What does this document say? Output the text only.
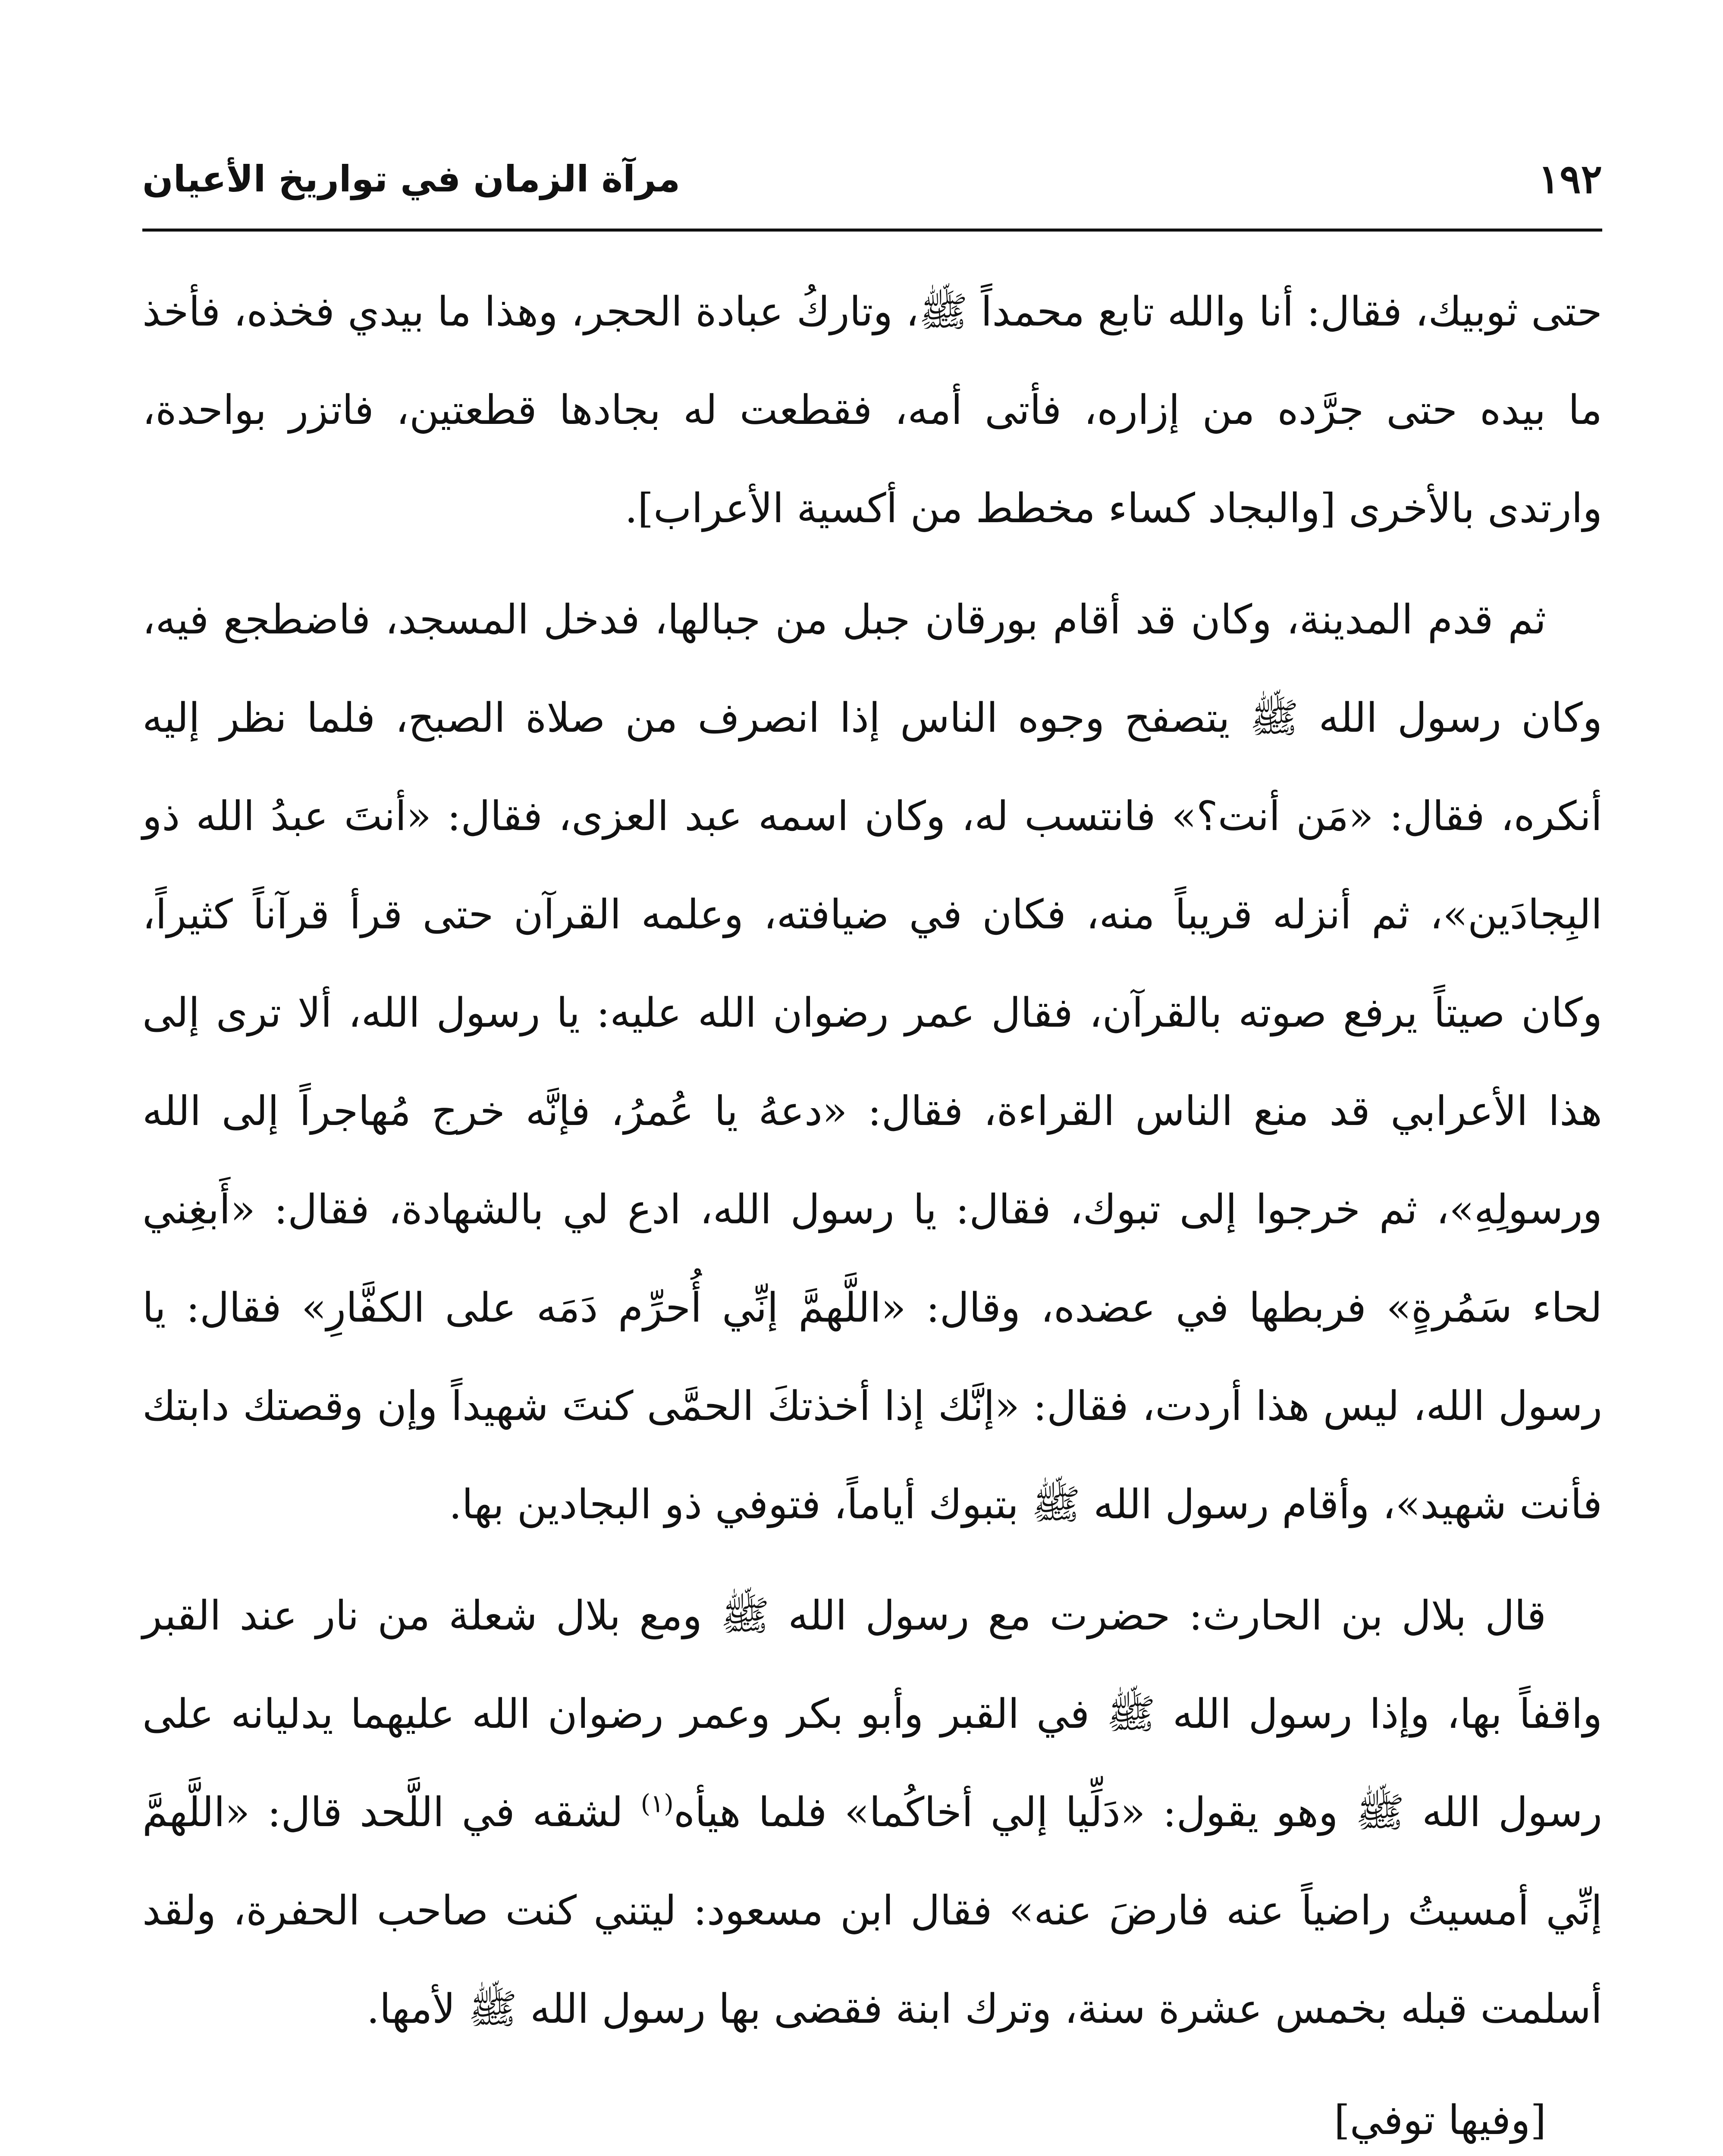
١٩٢
مرآة الزمان في تواريخ الأعيان

حتى ثوبيك، فقال: أنا والله تابع محمداً ﷺ، وتاركُ عبادة الحجر، وهذا ما بيدي فخذه، فأخذ ما بيده حتى جرَّده من إزاره، فأتى أمه، فقطعت له بجادها قطعتين، فاتزر بواحدة، وارتدى بالأخرى [والبجاد كساء مخطط من أكسية الأعراب].

ثم قدم المدينة، وكان قد أقام بورقان جبل من جبالها، فدخل المسجد، فاضطجع فيه، وكان رسول الله ﷺ يتصفح وجوه الناس إذا انصرف من صلاة الصبح، فلما نظر إليه أنكره، فقال: «مَن أنت؟» فانتسب له، وكان اسمه عبد العزى، فقال: «أنتَ عبدُ الله ذو البِجادَين»، ثم أنزله قريباً منه، فكان في ضيافته، وعلمه القرآن حتى قرأ قرآناً كثيراً، وكان صيتاً يرفع صوته بالقرآن، فقال عمر رضوان الله عليه: يا رسول الله، ألا ترى إلى هذا الأعرابي قد منع الناس القراءة، فقال: «دعهُ يا عُمرُ، فإنَّه خرج مُهاجراً إلى الله ورسولِهِ»، ثم خرجوا إلى تبوك، فقال: يا رسول الله، ادع لي بالشهادة، فقال: «أَبغِني لحاء سَمُرةٍ» فربطها في عضده، وقال: «اللَّهمَّ إنِّي أُحرِّم دَمَه على الكفَّارِ» فقال: يا رسول الله، ليس هذا أردت، فقال: «إنَّك إذا أخذتكَ الحمَّى كنتَ شهيداً وإن وقصتك دابتك فأنت شهيد»، وأقام رسول الله ﷺ بتبوك أياماً، فتوفي ذو البجادين بها.

قال بلال بن الحارث: حضرت مع رسول الله ﷺ ومع بلال شعلة من نار عند القبر واقفاً بها، وإذا رسول الله ﷺ في القبر وأبو بكر وعمر رضوان الله عليهما يدليانه على رسول الله ﷺ وهو يقول: «دَلِّيا إلي أخاكُما» فلما هيأه$^{(١)}$ لشقه في اللَّحد قال: «اللَّهمَّ إنِّي أمسيتُ راضياً عنه فارضَ عنه» فقال ابن مسعود: ليتني كنت صاحب الحفرة، ولقد أسلمت قبله بخمس عشرة سنة، وترك ابنة فقضى بها رسول الله ﷺ لأمها.

[وفيها توفي]
